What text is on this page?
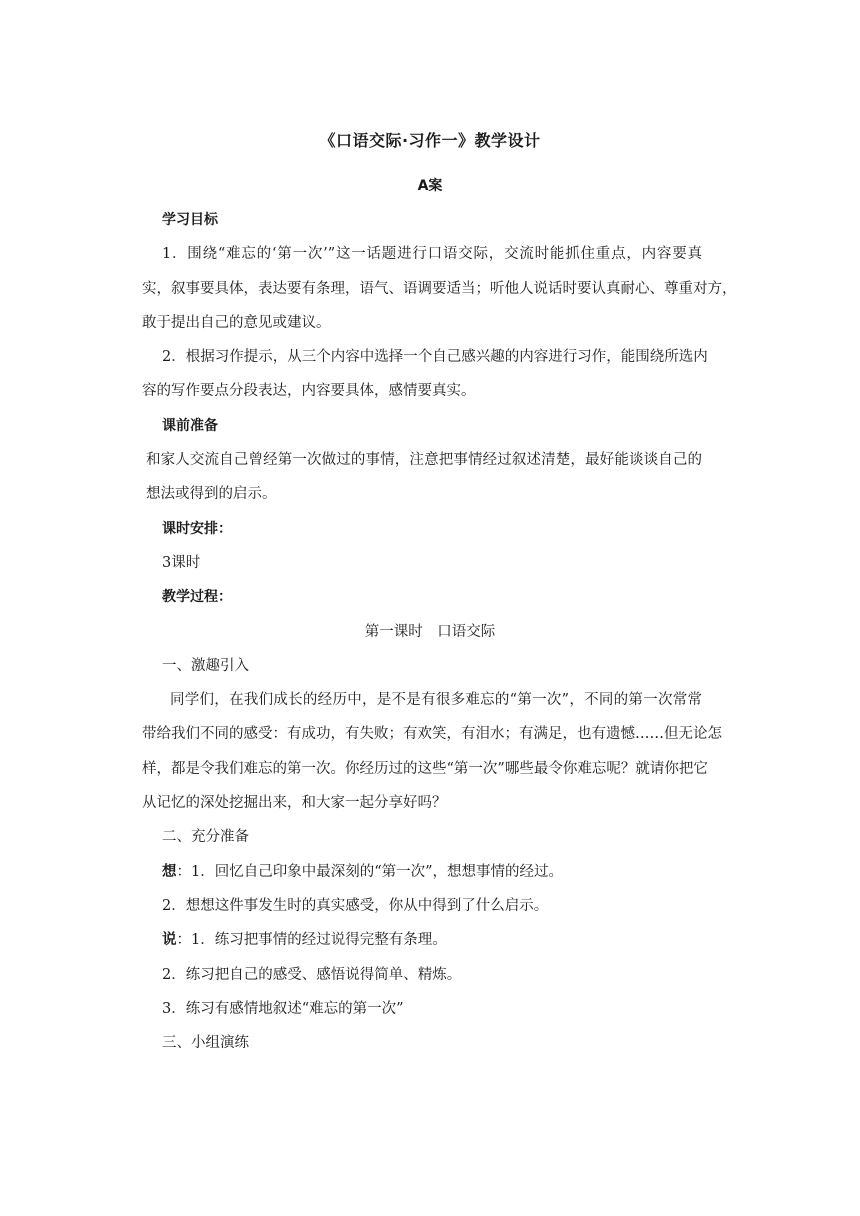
《口语交际·习作一》教学设计
A案
学习目标
1．围绕“难忘的‘第一次’”这一话题进行口语交际，交流时能抓住重点，内容要真
实，叙事要具体，表达要有条理，语气、语调要适当；听他人说话时要认真耐心、尊重对方，
敢于提出自己的意见或建议。
2．根据习作提示，从三个内容中选择一个自己感兴趣的内容进行习作，能围绕所选内
容的写作要点分段表达，内容要具体，感情要真实。
课前准备
和家人交流自己曾经第一次做过的事情，注意把事情经过叙述清楚，最好能谈谈自己的
想法或得到的启示。
课时安排：
3课时
教学过程：
第一课时　口语交际
一、激趣引入
同学们，在我们成长的经历中，是不是有很多难忘的“第一次”，不同的第一次常常
带给我们不同的感受：有成功，有失败；有欢笑，有泪水；有满足，也有遗憾……但无论怎
样，都是令我们难忘的第一次。你经历过的这些“第一次”哪些最令你难忘呢？就请你把它
从记忆的深处挖掘出来，和大家一起分享好吗？
二、充分准备
想：1．回忆自己印象中最深刻的“第一次”，想想事情的经过。
2．想想这件事发生时的真实感受，你从中得到了什么启示。
说：1．练习把事情的经过说得完整有条理。
2．练习把自己的感受、感悟说得简单、精炼。
3．练习有感情地叙述“难忘的第一次”
三、小组演练
